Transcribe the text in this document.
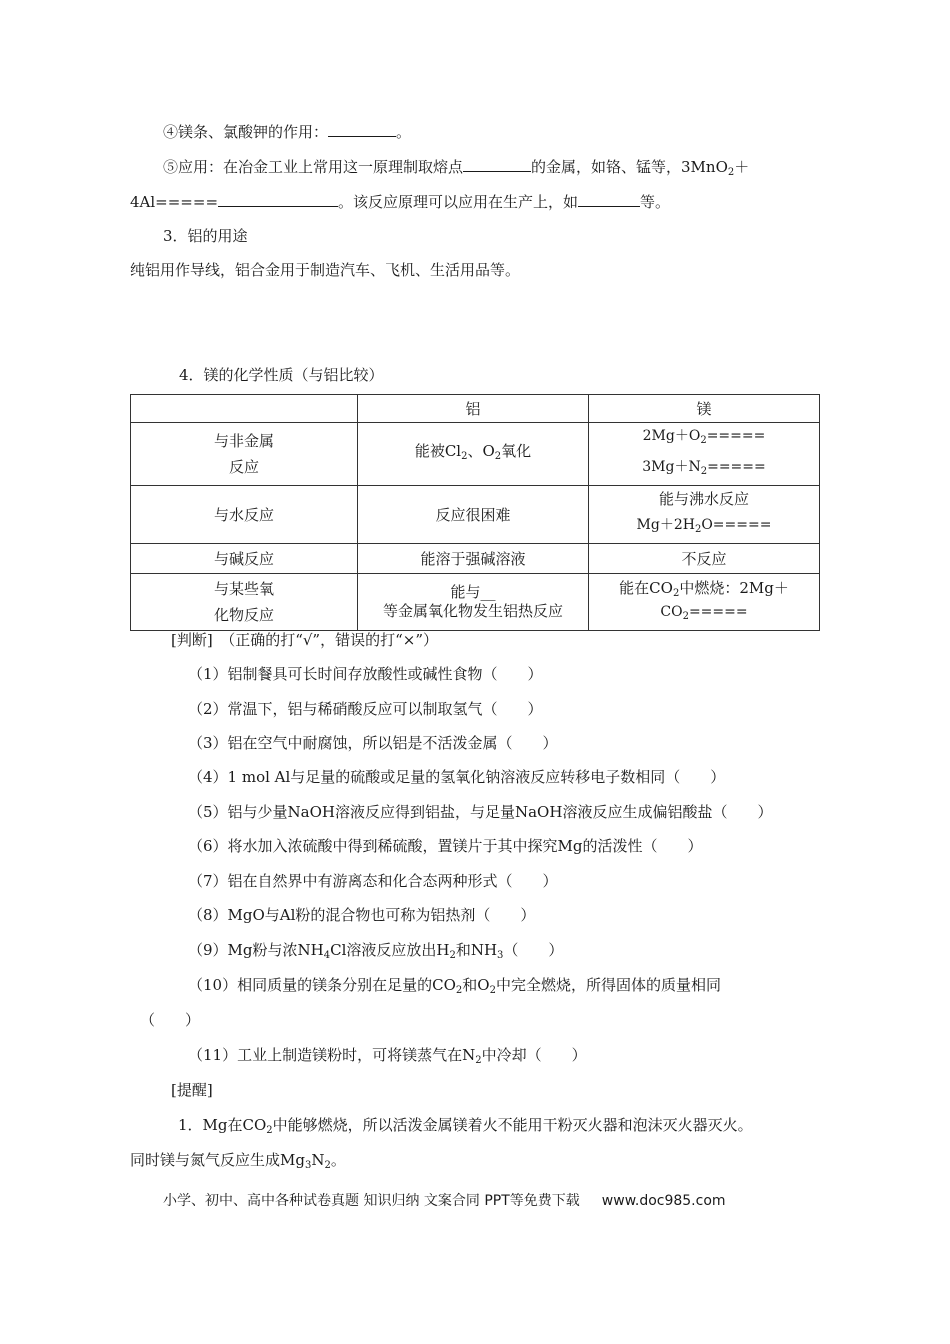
④镁条、氯酸钾的作用：	。
⑤应用：在冶金工业上常用这一原理制取熔点	的金属，如铬、锰等，3MnO$_2$＋
4Al=====	。该反应原理可以应用在生产上，如	等。
3．铝的用途
纯铝用作导线，铝合金用于制造汽车、飞机、生活用品等。
4．镁的化学性质（与铝比较）
	铝	镁

与非金属
反应	能被$Cl_2$、$O_2$氧化	$2Mg+O_2=====$
$3Mg+N_2=====$

与水反应	反应很困难	能与沸水反应
$Mg+2H_2O=====$

与碱反应	能溶于强碱溶液	不反应

与某些氧
化物反应	能与__
等金属氧化物发生铝热反应	能在$CO_2$中燃烧：2Mg＋
$CO_2=====$
[判断]　（正确的打“√”，错误的打“×”）
（1）铝制餐具可长时间存放酸性或碱性食物（　　）
（2）常温下，铝与稀硝酸反应可以制取氢气（　　）
（3）铝在空气中耐腐蚀，所以铝是不活泼金属（　　）
（4）1 mol Al与足量的硫酸或足量的氢氧化钠溶液反应转移电子数相同（　　）
（5）铝与少量NaOH溶液反应得到铝盐，与足量NaOH溶液反应生成偏铝酸盐（　　）
（6）将水加入浓硫酸中得到稀硫酸，置镁片于其中探究Mg的活泼性（　　）
（7）铝在自然界中有游离态和化合态两种形式（　　）
（8）MgO与Al粉的混合物也可称为铝热剂（　　）
（9）Mg粉与浓$NH_4Cl$溶液反应放出$H_2$和$NH_3$（　　）
（10）相同质量的镁条分别在足量的$CO_2$和$O_2$中完全燃烧，所得固体的质量相同
（　　）
（11）工业上制造镁粉时，可将镁蒸气在$N_2$中冷却（　　）
[提醒]
1．Mg在$CO_2$中能够燃烧，所以活泼金属镁着火不能用干粉灭火器和泡沫灭火器灭火。
同时镁与氮气反应生成$Mg_3N_2$。
小学、初中、高中各种试卷真题 知识归纳 文案合同 PPT等免费下载 www.doc985.com
